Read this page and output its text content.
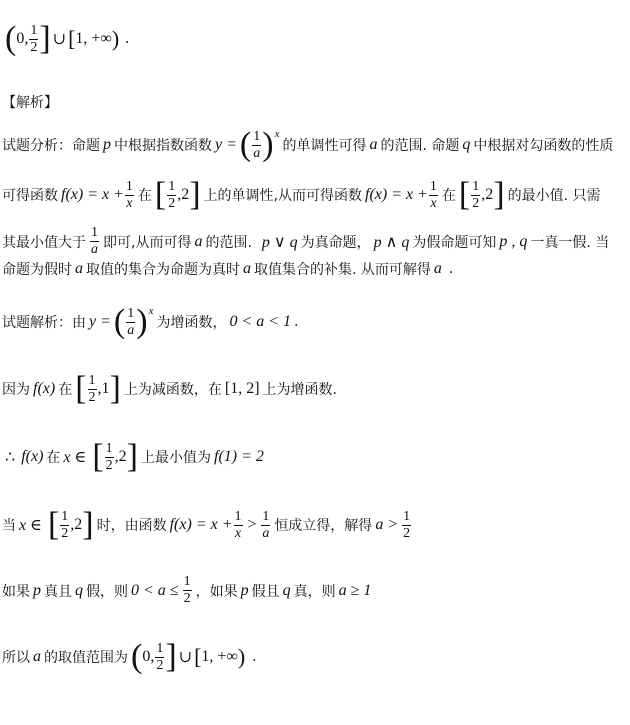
( 0 , $\frac{1}{2}$ ] ∪ [ 1, +∞ ) .
【解析】
试题分析：命题 p 中根据指数函数 y = ( $\frac{1}{a}$ ) x
的单调性可得 a 的范围. 命题 q 中根据对勾函数的性质
可得函数 $f(x) = x + \frac{1}{x}$ 在 [ $\frac{1}{2}$ , 2 ] 上的单调性,从而可得函数 $f(x) = x + \frac{1}{x}$ 在 [ $\frac{1}{2}$ , 2 ] 的最小值. 只需
其最小值大于 $\frac{1}{a}$ 即可,从而可得 a 的范围. p ∨ q 为真命题， p ∧ q 为假命题可知 p , q 一真一假. 当
命题为假时 a 取值的集合为命题为真时 a 取值集合的补集. 从而可解得 a .
试题解析：由 y = ( $\frac{1}{a}$ ) x
为增函数， 0 < a < 1 .
因为 f(x) 在 [ $\frac{1}{2}$ , 1 ] 上为减函数，在 [1, 2] 上为增函数.
∴ f(x) 在 x ∈ [ $\frac{1}{2}$ , 2 ] 上最小值为 f(1) = 2
当 x ∈ [ $\frac{1}{2}$ , 2 ] 时，由函数 $f(x) = x + \frac{1}{x} > \frac{1}{a}$ 恒成立得，解得 $a > \frac{1}{2}$
如果 p 真且 q 假，则 $0 < a \le \frac{1}{2}$ ，如果 p 假且 q 真，则 a ≥ 1
所以 a 的取值范围为 ( 0 , $\frac{1}{2}$ ] ∪ [ 1, +∞ ) .
